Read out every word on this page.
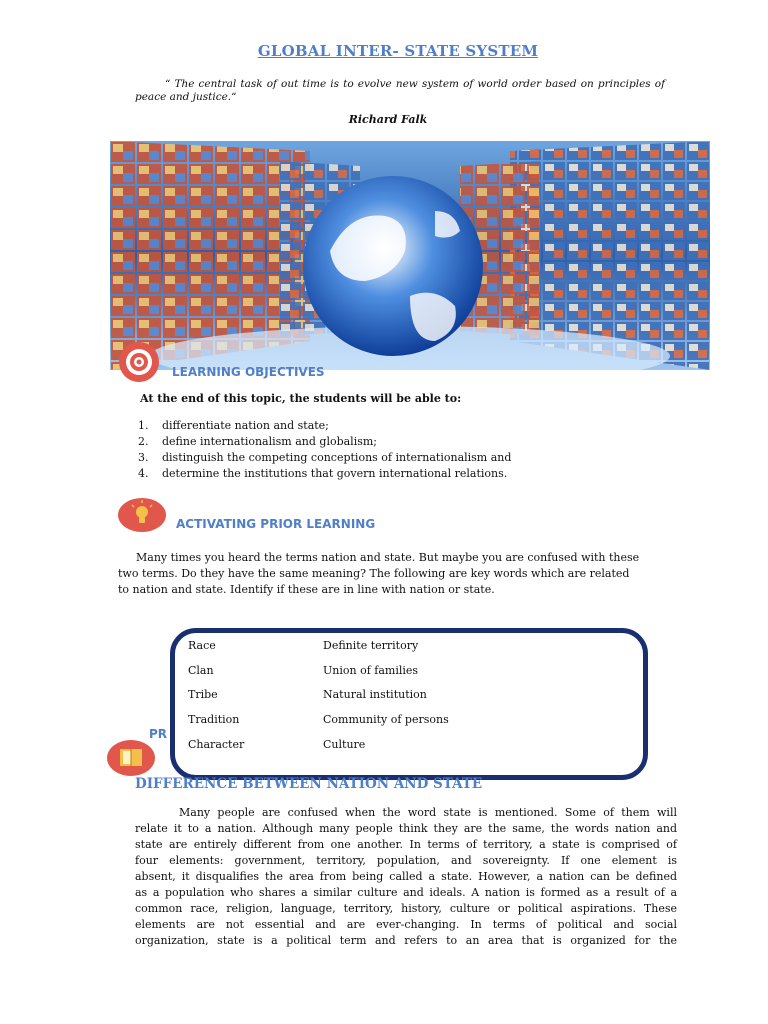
GLOBAL INTER- STATE SYSTEM
“ The central task of out time is to evolve new system of world order based on principles of
peace and justice.“
Richard Falk
LEARNING OBJECTIVES
At the end of this topic, the students will be able to:
1. differentiate nation and state;
2. define internationalism and globalism;
3. distinguish the competing conceptions of internationalism and
4. determine the institutions that govern international relations.
ACTIVATING PRIOR LEARNING
Many times you heard the terms nation and state. But maybe you are confused with these
two terms. Do they have the same meaning? The following are key words which are related
to nation and state. Identify if these are in line with nation or state.
PR
Race	Definite territory
Clan	Union of families
Tribe	Natural institution
Tradition	Community of persons
Character	Culture
DIFFERENCE BETWEEN NATION AND STATE
Many people are confused when the word state is mentioned. Some of them will
relate it to a nation. Although many people think they are the same, the words nation and
state are entirely different from one another. In terms of territory, a state is comprised of
four elements: government, territory, population, and sovereignty. If one element is
absent, it disqualifies the area from being called a state. However, a nation can be defined
as a population who shares a similar culture and ideals. A nation is formed as a result of a
common race, religion, language, territory, history, culture or political aspirations. These
elements are not essential and are ever-changing. In terms of political and social
organization, state is a political term and refers to an area that is organized for the
